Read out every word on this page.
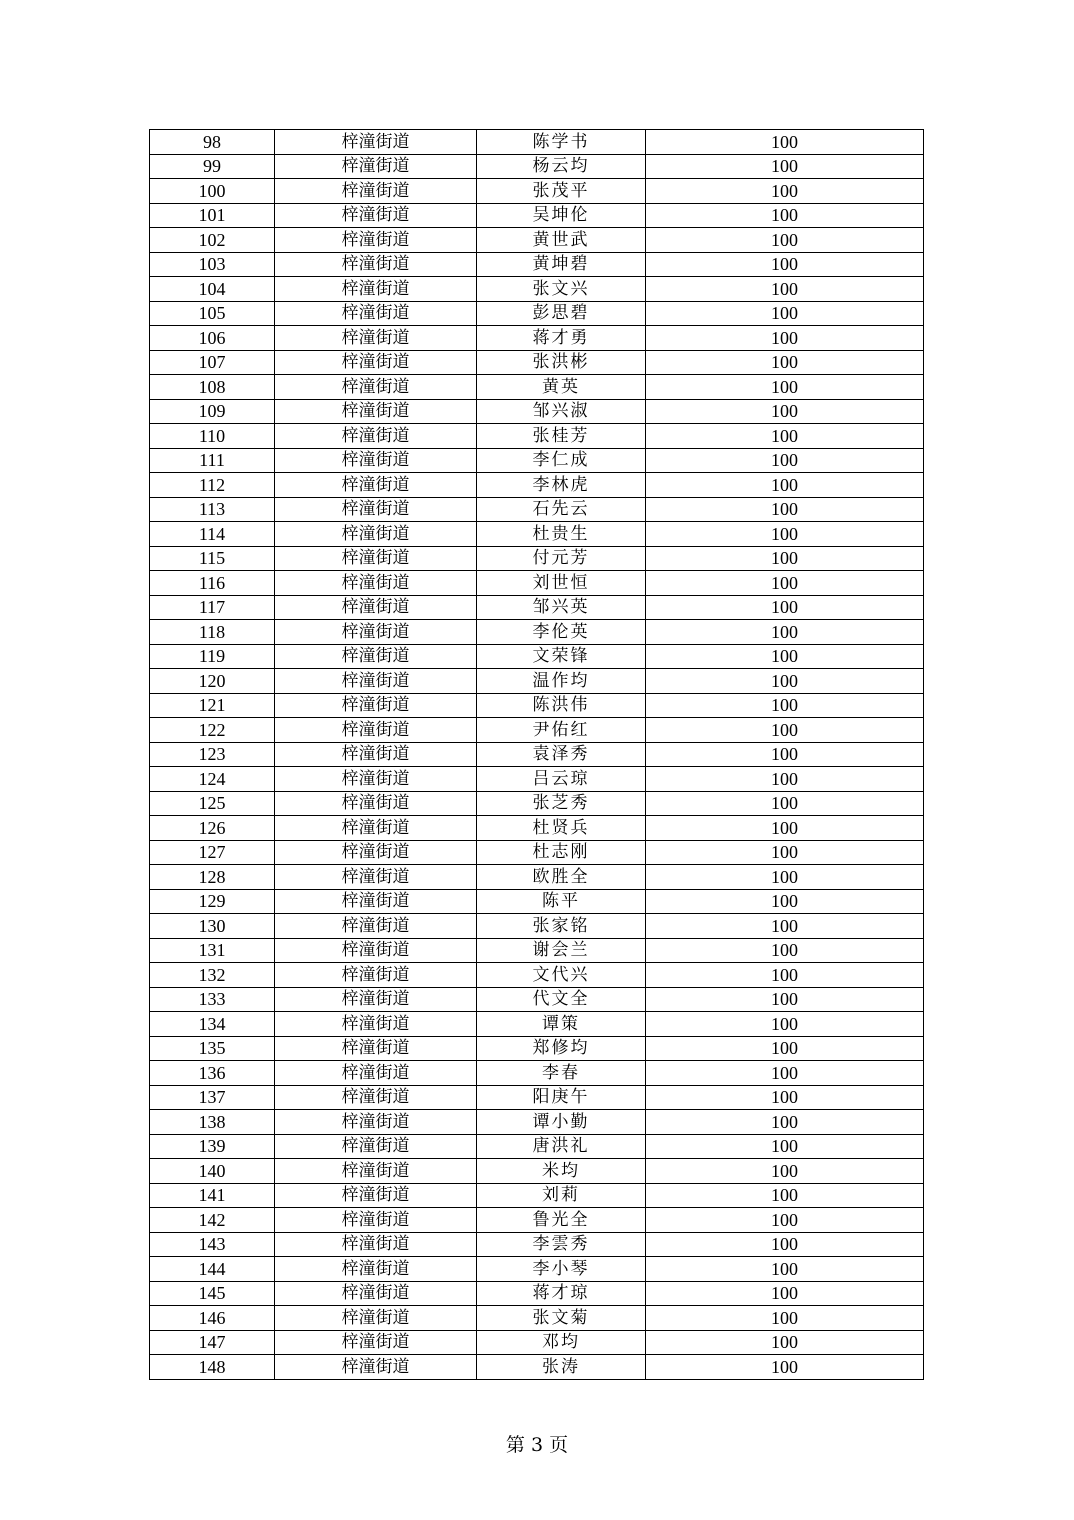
98	梓潼街道	陈学书	100
99	梓潼街道	杨云均	100
100	梓潼街道	张茂平	100
101	梓潼街道	吴坤伦	100
102	梓潼街道	黄世武	100
103	梓潼街道	黄坤碧	100
104	梓潼街道	张文兴	100
105	梓潼街道	彭思碧	100
106	梓潼街道	蒋才勇	100
107	梓潼街道	张洪彬	100
108	梓潼街道	黄英	100
109	梓潼街道	邹兴淑	100
110	梓潼街道	张桂芳	100
111	梓潼街道	李仁成	100
112	梓潼街道	李林虎	100
113	梓潼街道	石先云	100
114	梓潼街道	杜贵生	100
115	梓潼街道	付元芳	100
116	梓潼街道	刘世恒	100
117	梓潼街道	邹兴英	100
118	梓潼街道	李伦英	100
119	梓潼街道	文荣锋	100
120	梓潼街道	温作均	100
121	梓潼街道	陈洪伟	100
122	梓潼街道	尹佑红	100
123	梓潼街道	袁泽秀	100
124	梓潼街道	吕云琼	100
125	梓潼街道	张芝秀	100
126	梓潼街道	杜贤兵	100
127	梓潼街道	杜志刚	100
128	梓潼街道	欧胜全	100
129	梓潼街道	陈平	100
130	梓潼街道	张家铭	100
131	梓潼街道	谢会兰	100
132	梓潼街道	文代兴	100
133	梓潼街道	代文全	100
134	梓潼街道	谭策	100
135	梓潼街道	郑修均	100
136	梓潼街道	李春	100
137	梓潼街道	阳庚午	100
138	梓潼街道	谭小勤	100
139	梓潼街道	唐洪礼	100
140	梓潼街道	米均	100
141	梓潼街道	刘莉	100
142	梓潼街道	鲁光全	100
143	梓潼街道	李雲秀	100
144	梓潼街道	李小琴	100
145	梓潼街道	蒋才琼	100
146	梓潼街道	张文菊	100
147	梓潼街道	邓均	100
148	梓潼街道	张涛	100
第 3 页
